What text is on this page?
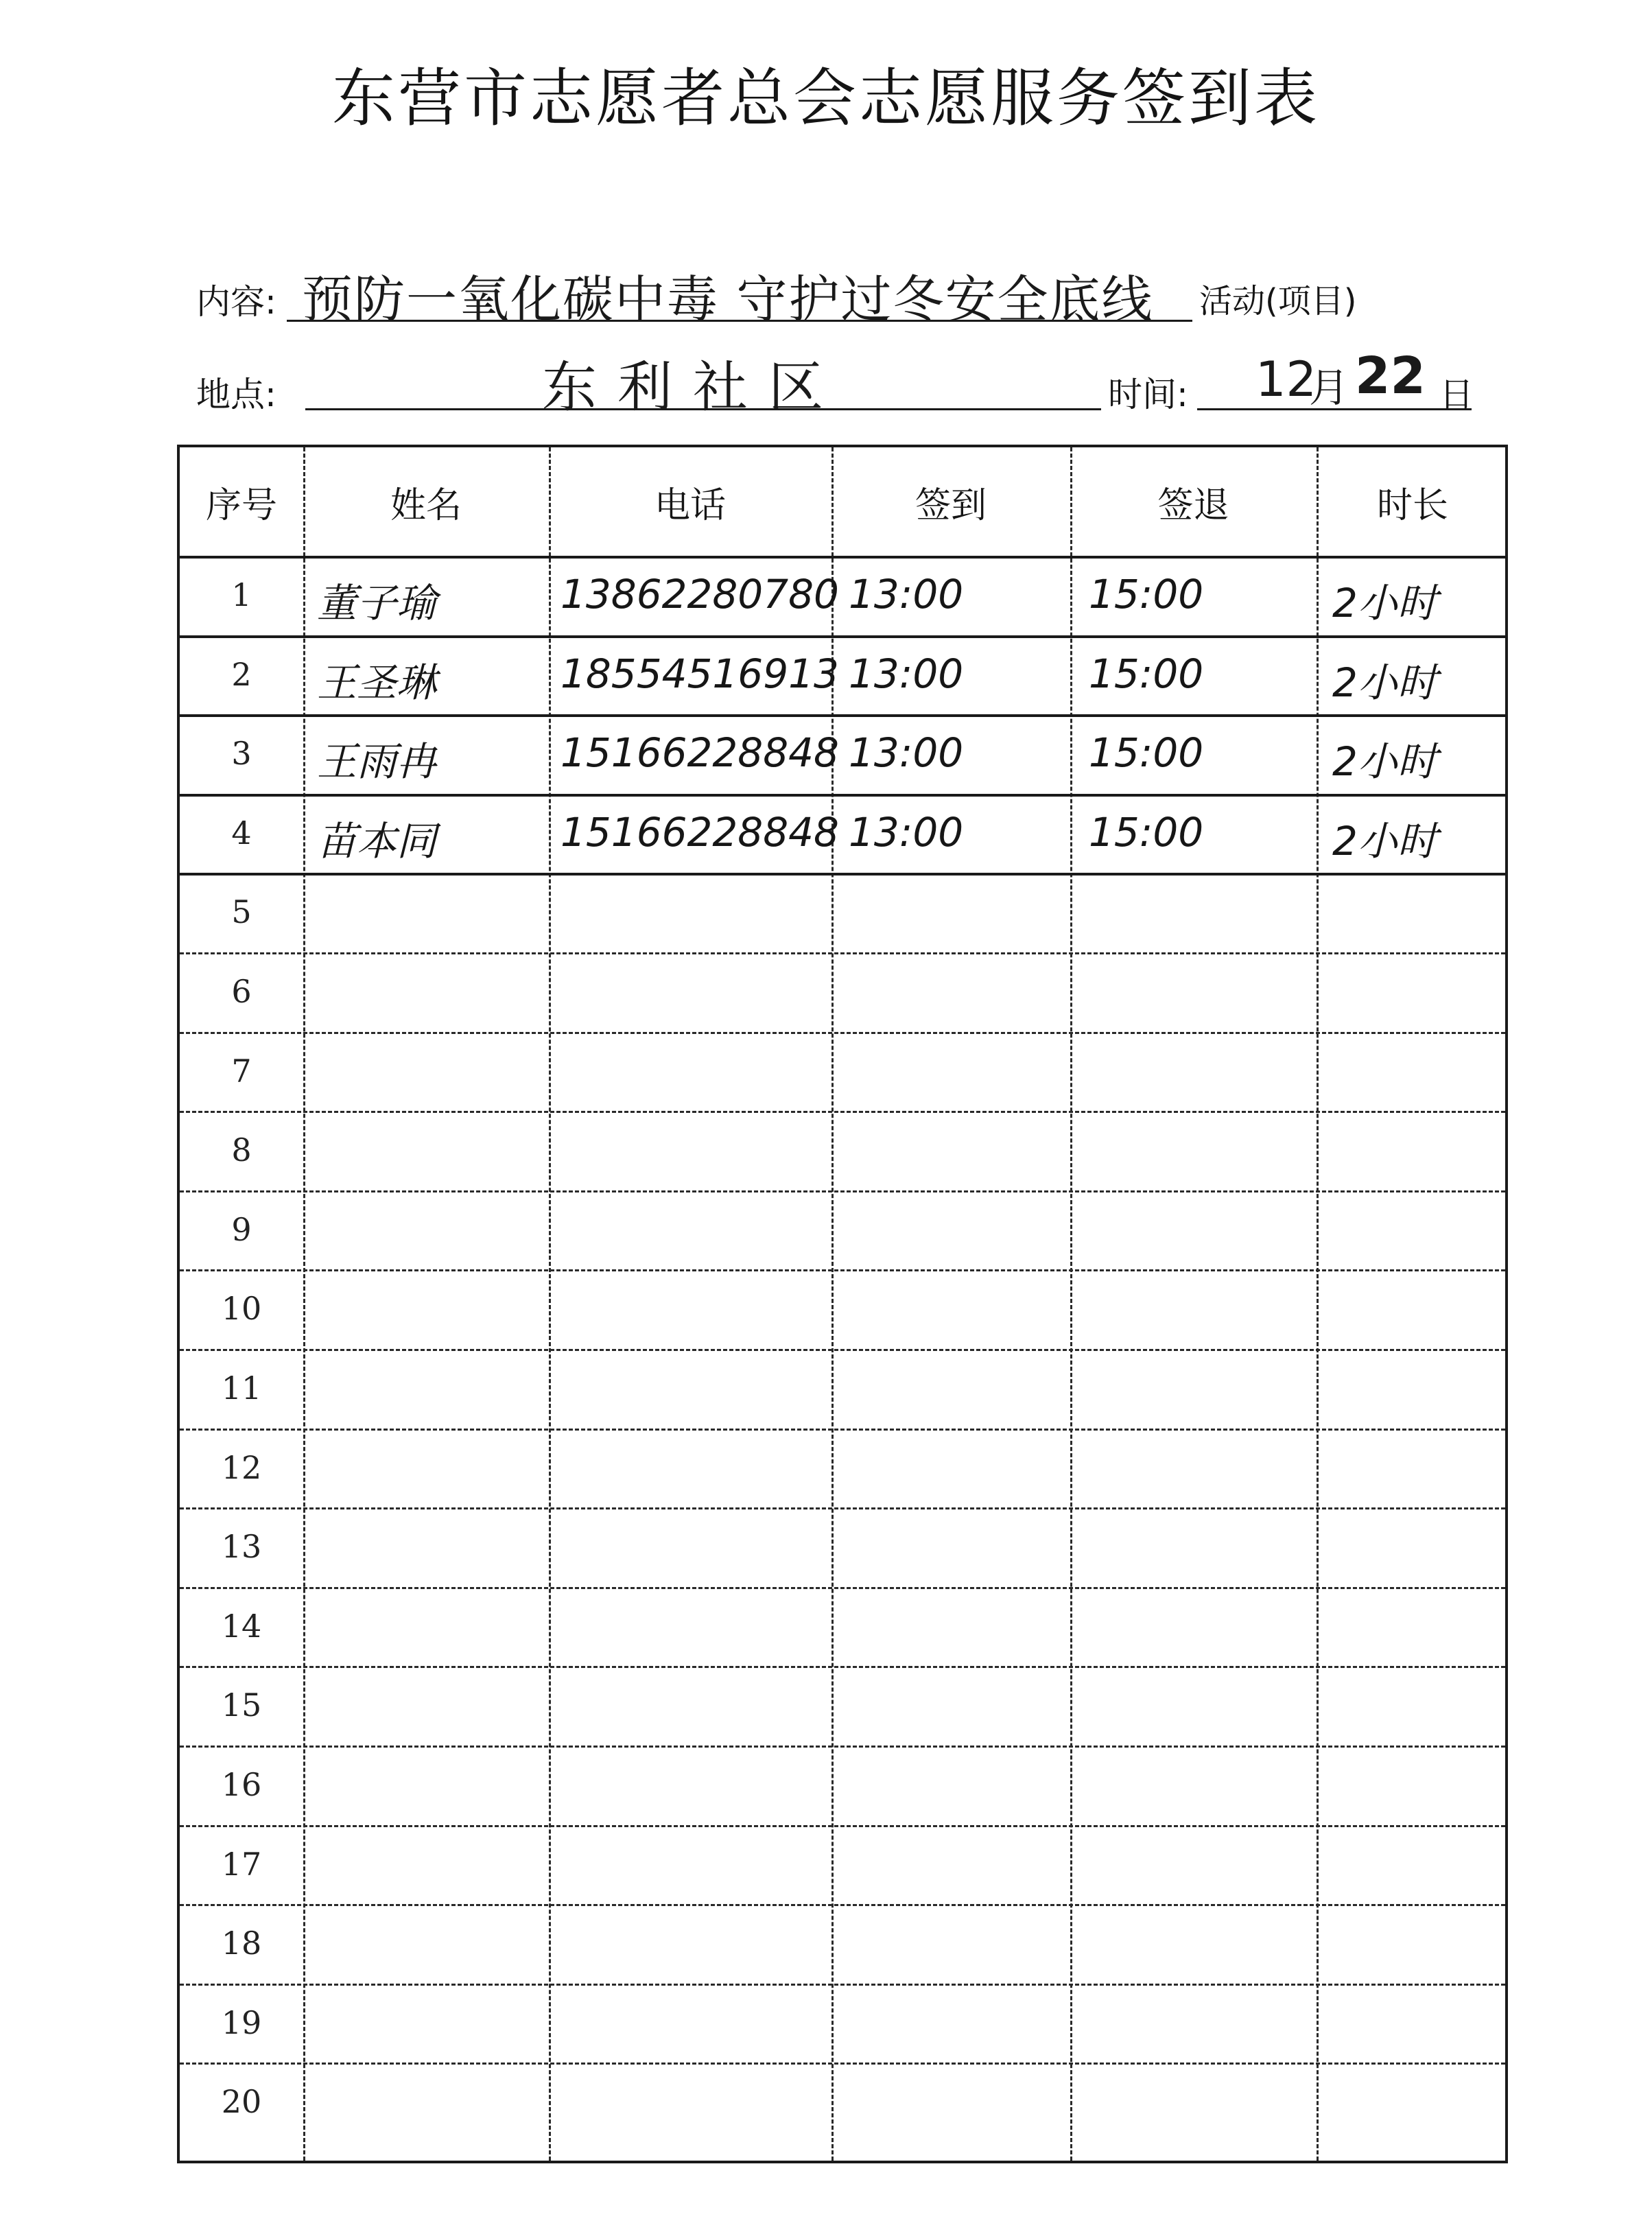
东营市志愿者总会志愿服务签到表
内容: 预防一氧化碳中毒 守护过冬安全底线 活动(项目)
地点:	东利社区	时间: 12
月 22 日
序号	姓名	电话	签到	签退	时长
1	董子瑜	13862280780 13:00	15:00	2小时
2	王圣琳	18554516913 13:00	15:00	2小时
3	王雨冉	15166228848 13:00	15:00	2小时
4	苗本同	15166228848 13:00	15:00	2小时
5
6
7
8
9
10
11
12
13
14
15
16
17
18
19
20
